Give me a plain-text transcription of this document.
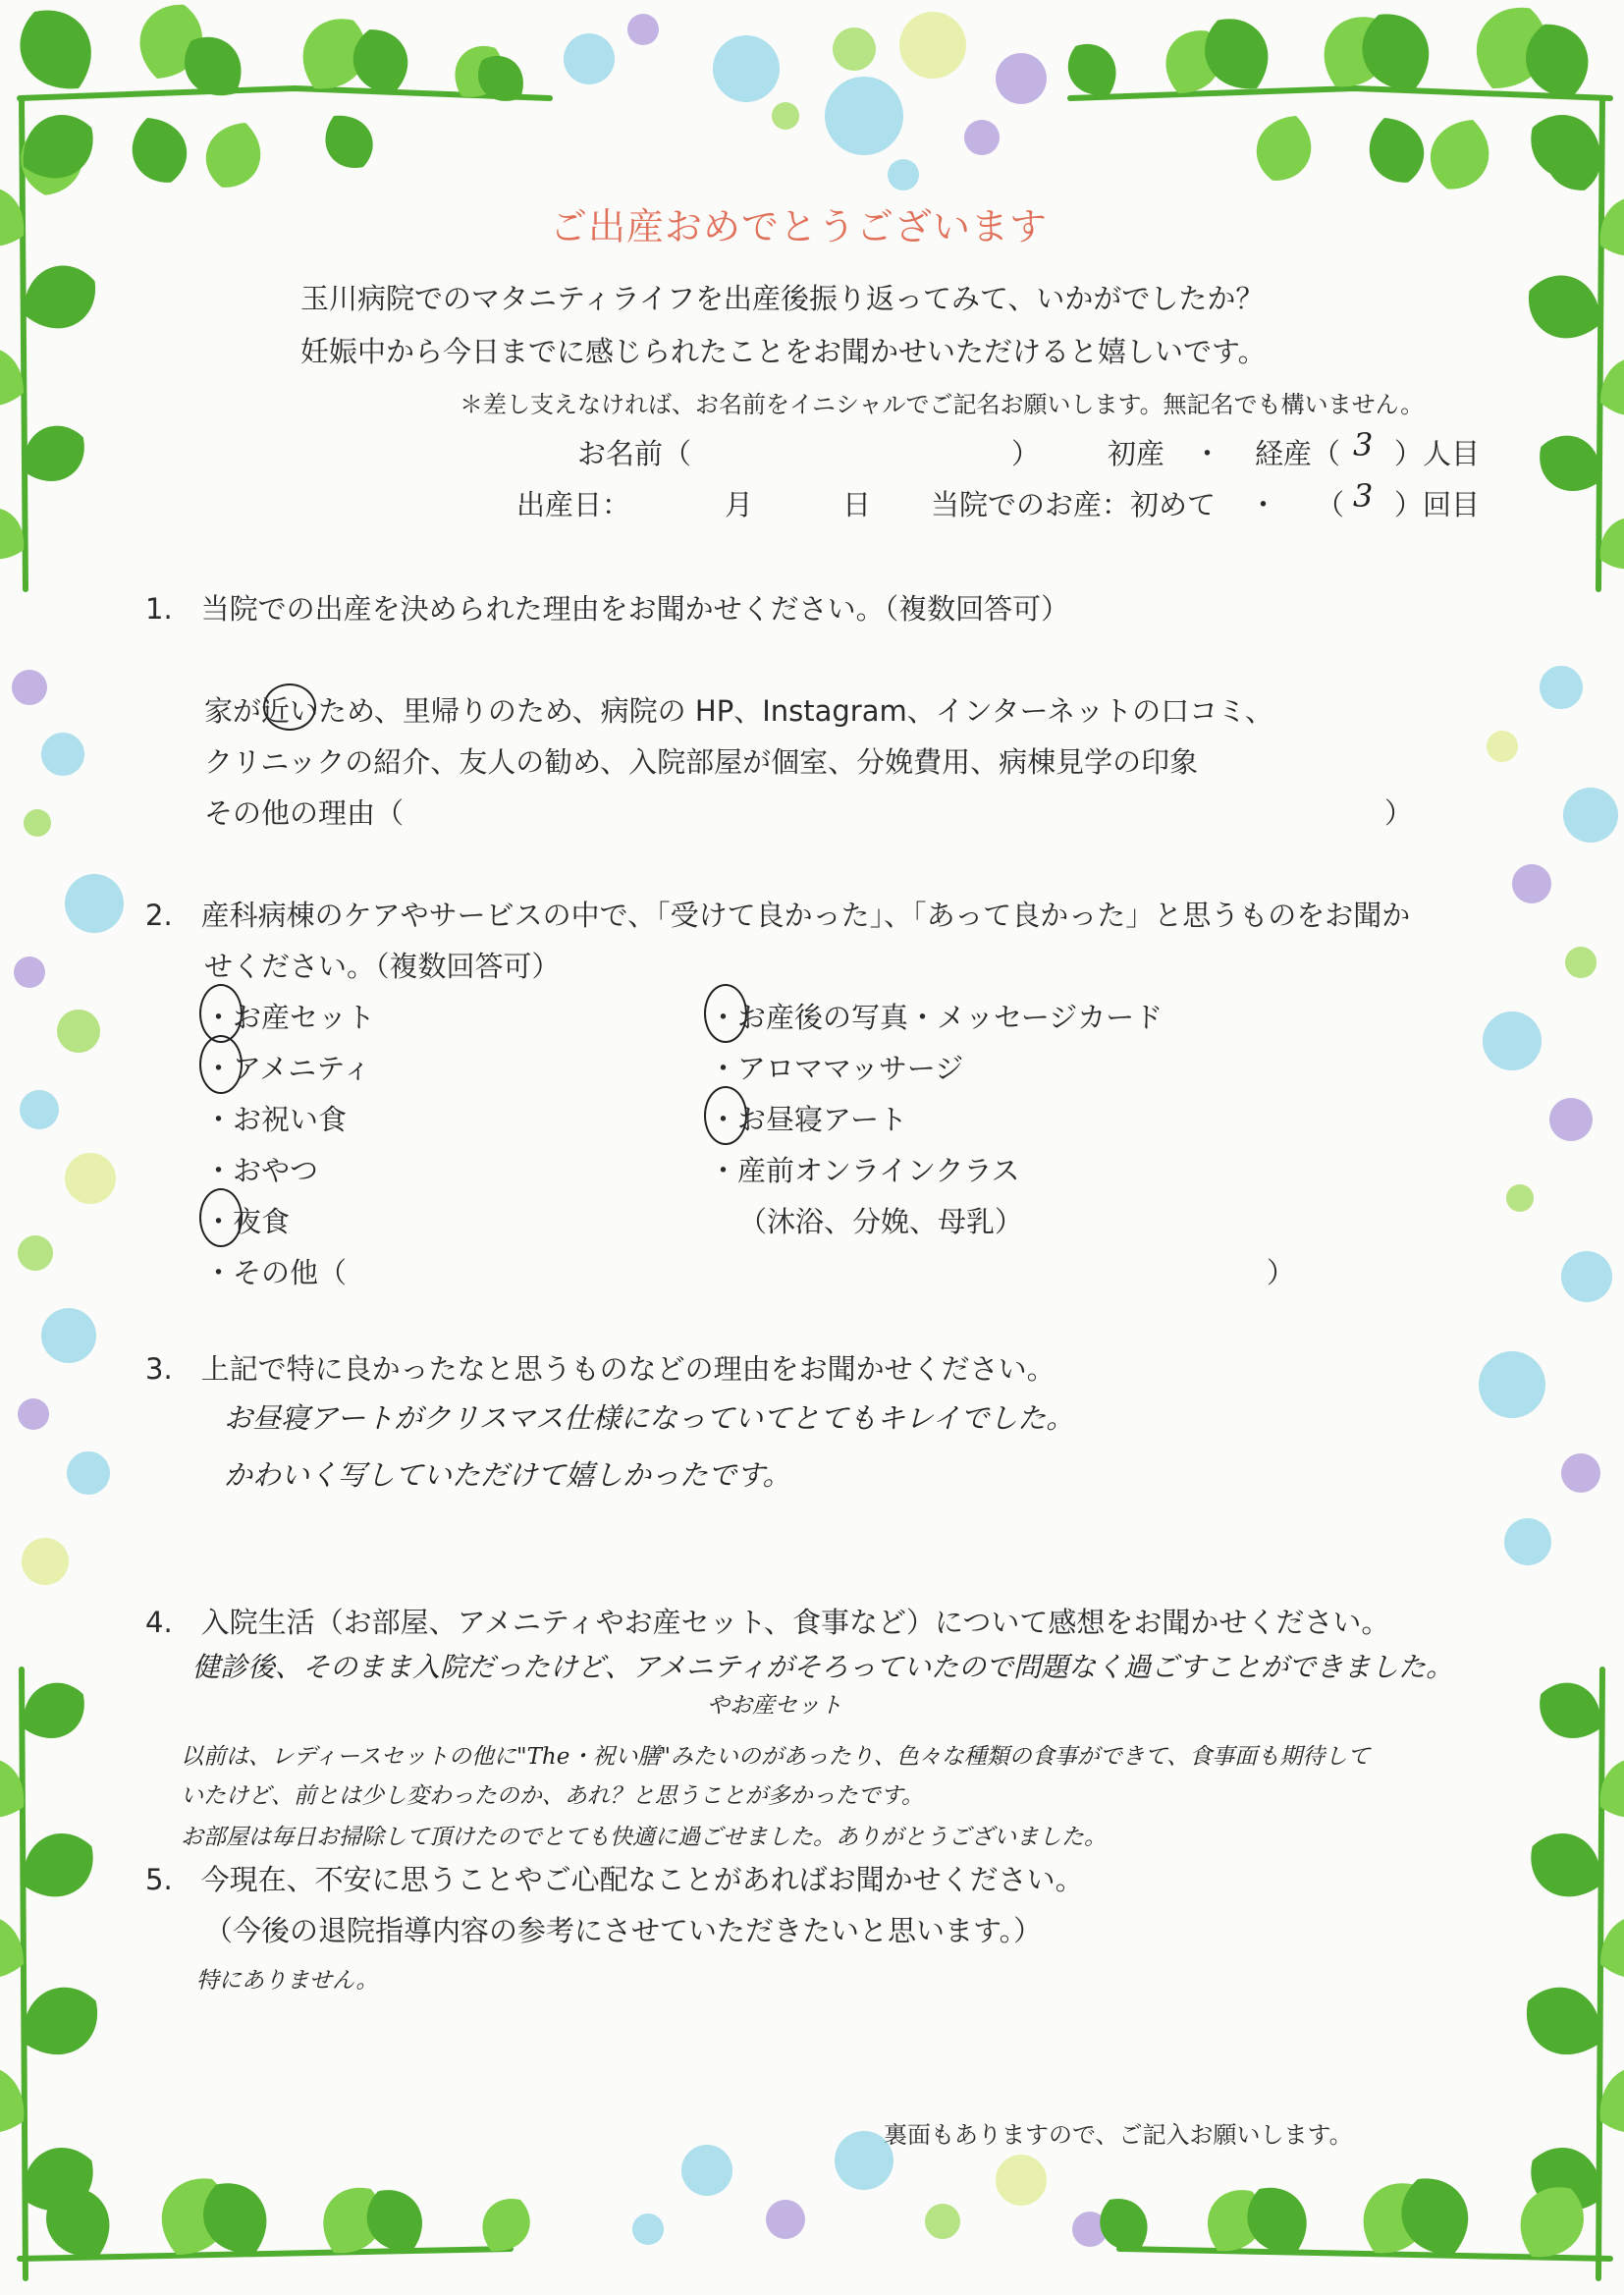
ご出産おめでとうございます
玉川病院でのマタニティライフを出産後振り返ってみて、いかがでしたか？
妊娠中から今日までに感じられたことをお聞かせいただけると嬉しいです。
＊差し支えなければ、お名前をイニシャルでご記名お願いします。無記名でも構いません。
お名前（	） 初産 ・ 経産（ 3 ）人目
出産日：	月	日 当院でのお産：初めて ・ （ 3 ）回目
1.　当院での出産を決められた理由をお聞かせください。（複数回答可）
家が近いため、里帰りのため、病院の HP、Instagram、インターネットの口コミ、
クリニックの紹介、友人の勧め、入院部屋が個室、分娩費用、病棟見学の印象
その他の理由（	）
2.　産科病棟のケアやサービスの中で、「受けて良かった」、「あって良かった」と思うものをお聞か
せください。（複数回答可）
・お産セット
・アメニティ
・お祝い食
・おやつ
・夜食
・その他（	）
・お産後の写真・メッセージカード
・アロママッサージ
・お昼寝アート
・産前オンラインクラス
（沐浴、分娩、母乳）
3.　上記で特に良かったなと思うものなどの理由をお聞かせください。
お昼寝アートがクリスマス仕様になっていてとてもキレイでした。
かわいく写していただけて嬉しかったです。
4.　入院生活（お部屋、アメニティやお産セット、食事など）について感想をお聞かせください。
健診後、そのまま入院だったけど、アメニティがそろっていたので問題なく過ごすことができました。
やお産セット
以前は、レディースセットの他に"The・祝い膳"みたいのがあったり、色々な種類の食事ができて、食事面も期待して
いたけど、前とは少し変わったのか、あれ？と思うことが多かったです。
お部屋は毎日お掃除して頂けたのでとても快適に過ごせました。ありがとうございました。
5.　今現在、不安に思うことやご心配なことがあればお聞かせください。
（今後の退院指導内容の参考にさせていただきたいと思います。）
特にありません。
裏面もありますので、ご記入お願いします。
